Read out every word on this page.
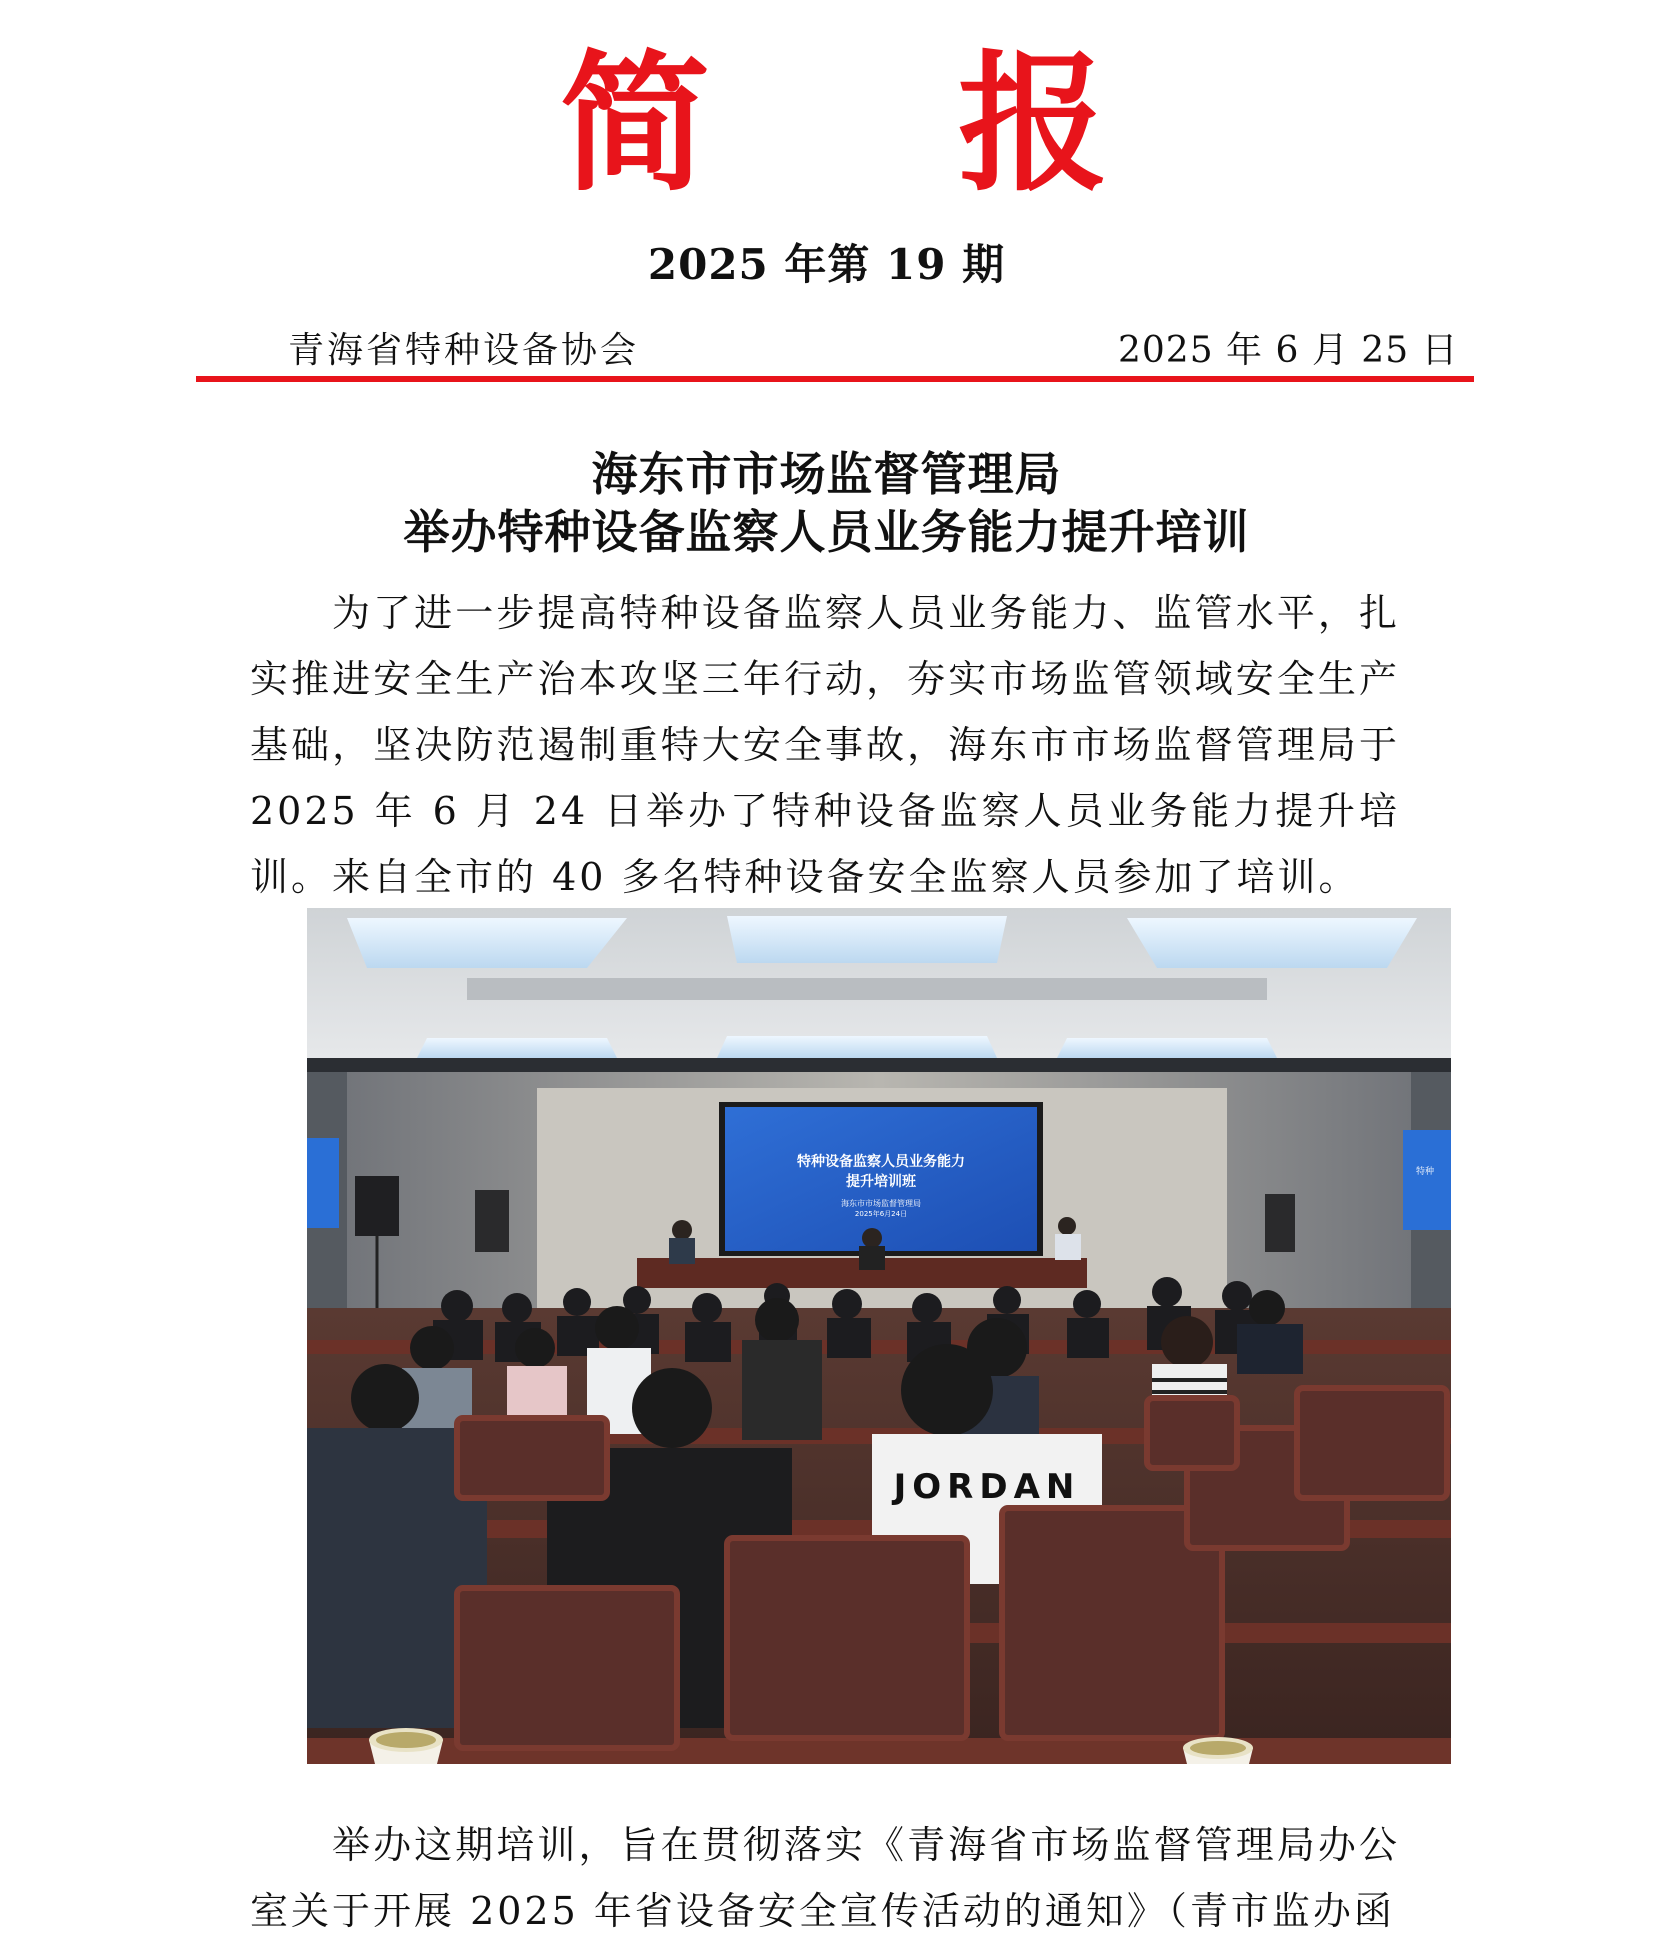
简 报
2025 年第 19 期
青海省特种设备协会	2025 年 6 月 25 日
海东市市场监督管理局
举办特种设备监察人员业务能力提升培训
为了进一步提高特种设备监察人员业务能力、监管水平，扎实推进安全生产治本攻坚三年行动，夯实市场监管领域安全生产基础，坚决防范遏制重特大安全事故，海东市市场监督管理局于 2025 年 6 月 24 日举办了特种设备监察人员业务能力提升培训。来自全市的 40 多名特种设备安全监察人员参加了培训。
特种设备监察人员业务能力
提升培训班
海东市市场监督管理局
2025年6月24日
特种
JORDAN
举办这期培训，旨在贯彻落实《青海省市场监督管理局办公室关于开展 2025 年省设备安全宣传活动的通知》（青市监办函
